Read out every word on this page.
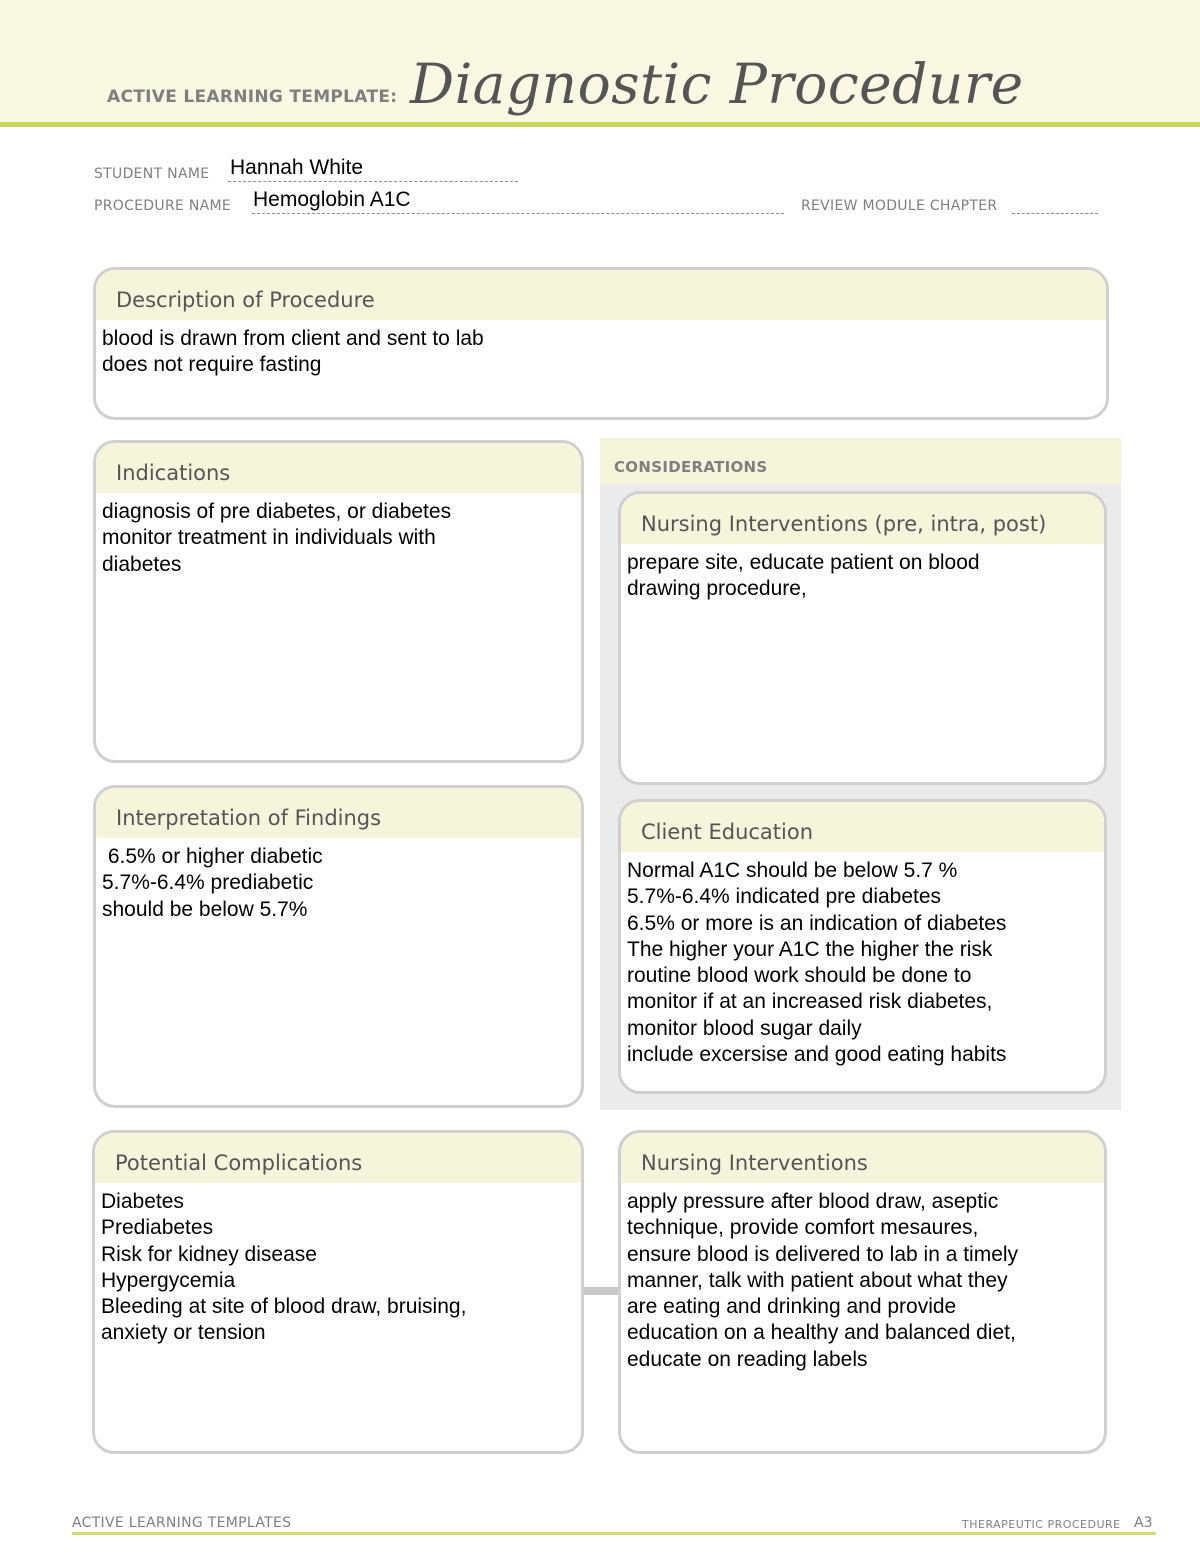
ACTIVE LEARNING TEMPLATE: Diagnostic Procedure
STUDENT NAME Hannah White
PROCEDURE NAME Hemoglobin A1C	REVIEW MODULE CHAPTER
CONSIDERATIONS
Description of Procedure
blood is drawn from client and sent to lab
does not require fasting
Indications
diagnosis of pre diabetes, or diabetes
monitor treatment in individuals with
diabetes
Nursing Interventions (pre, intra, post)
prepare site, educate patient on blood
drawing procedure,
Interpretation of Findings
6.5% or higher diabetic
5.7%-6.4% prediabetic
should be below 5.7%
Client Education
Normal A1C should be below 5.7 %
5.7%-6.4% indicated pre diabetes
6.5% or more is an indication of diabetes
The higher your A1C the higher the risk
routine blood work should be done to
monitor if at an increased risk diabetes,
monitor blood sugar daily
include excersise and good eating habits
Potential Complications
Diabetes
Prediabetes
Risk for kidney disease
Hypergycemia
Bleeding at site of blood draw, bruising,
anxiety or tension
Nursing Interventions
apply pressure after blood draw, aseptic
technique, provide comfort mesaures,
ensure blood is delivered to lab in a timely
manner, talk with patient about what they
are eating and drinking and provide
education on a healthy and balanced diet,
educate on reading labels
ACTIVE LEARNING TEMPLATES	THERAPEUTIC PROCEDURE A3
